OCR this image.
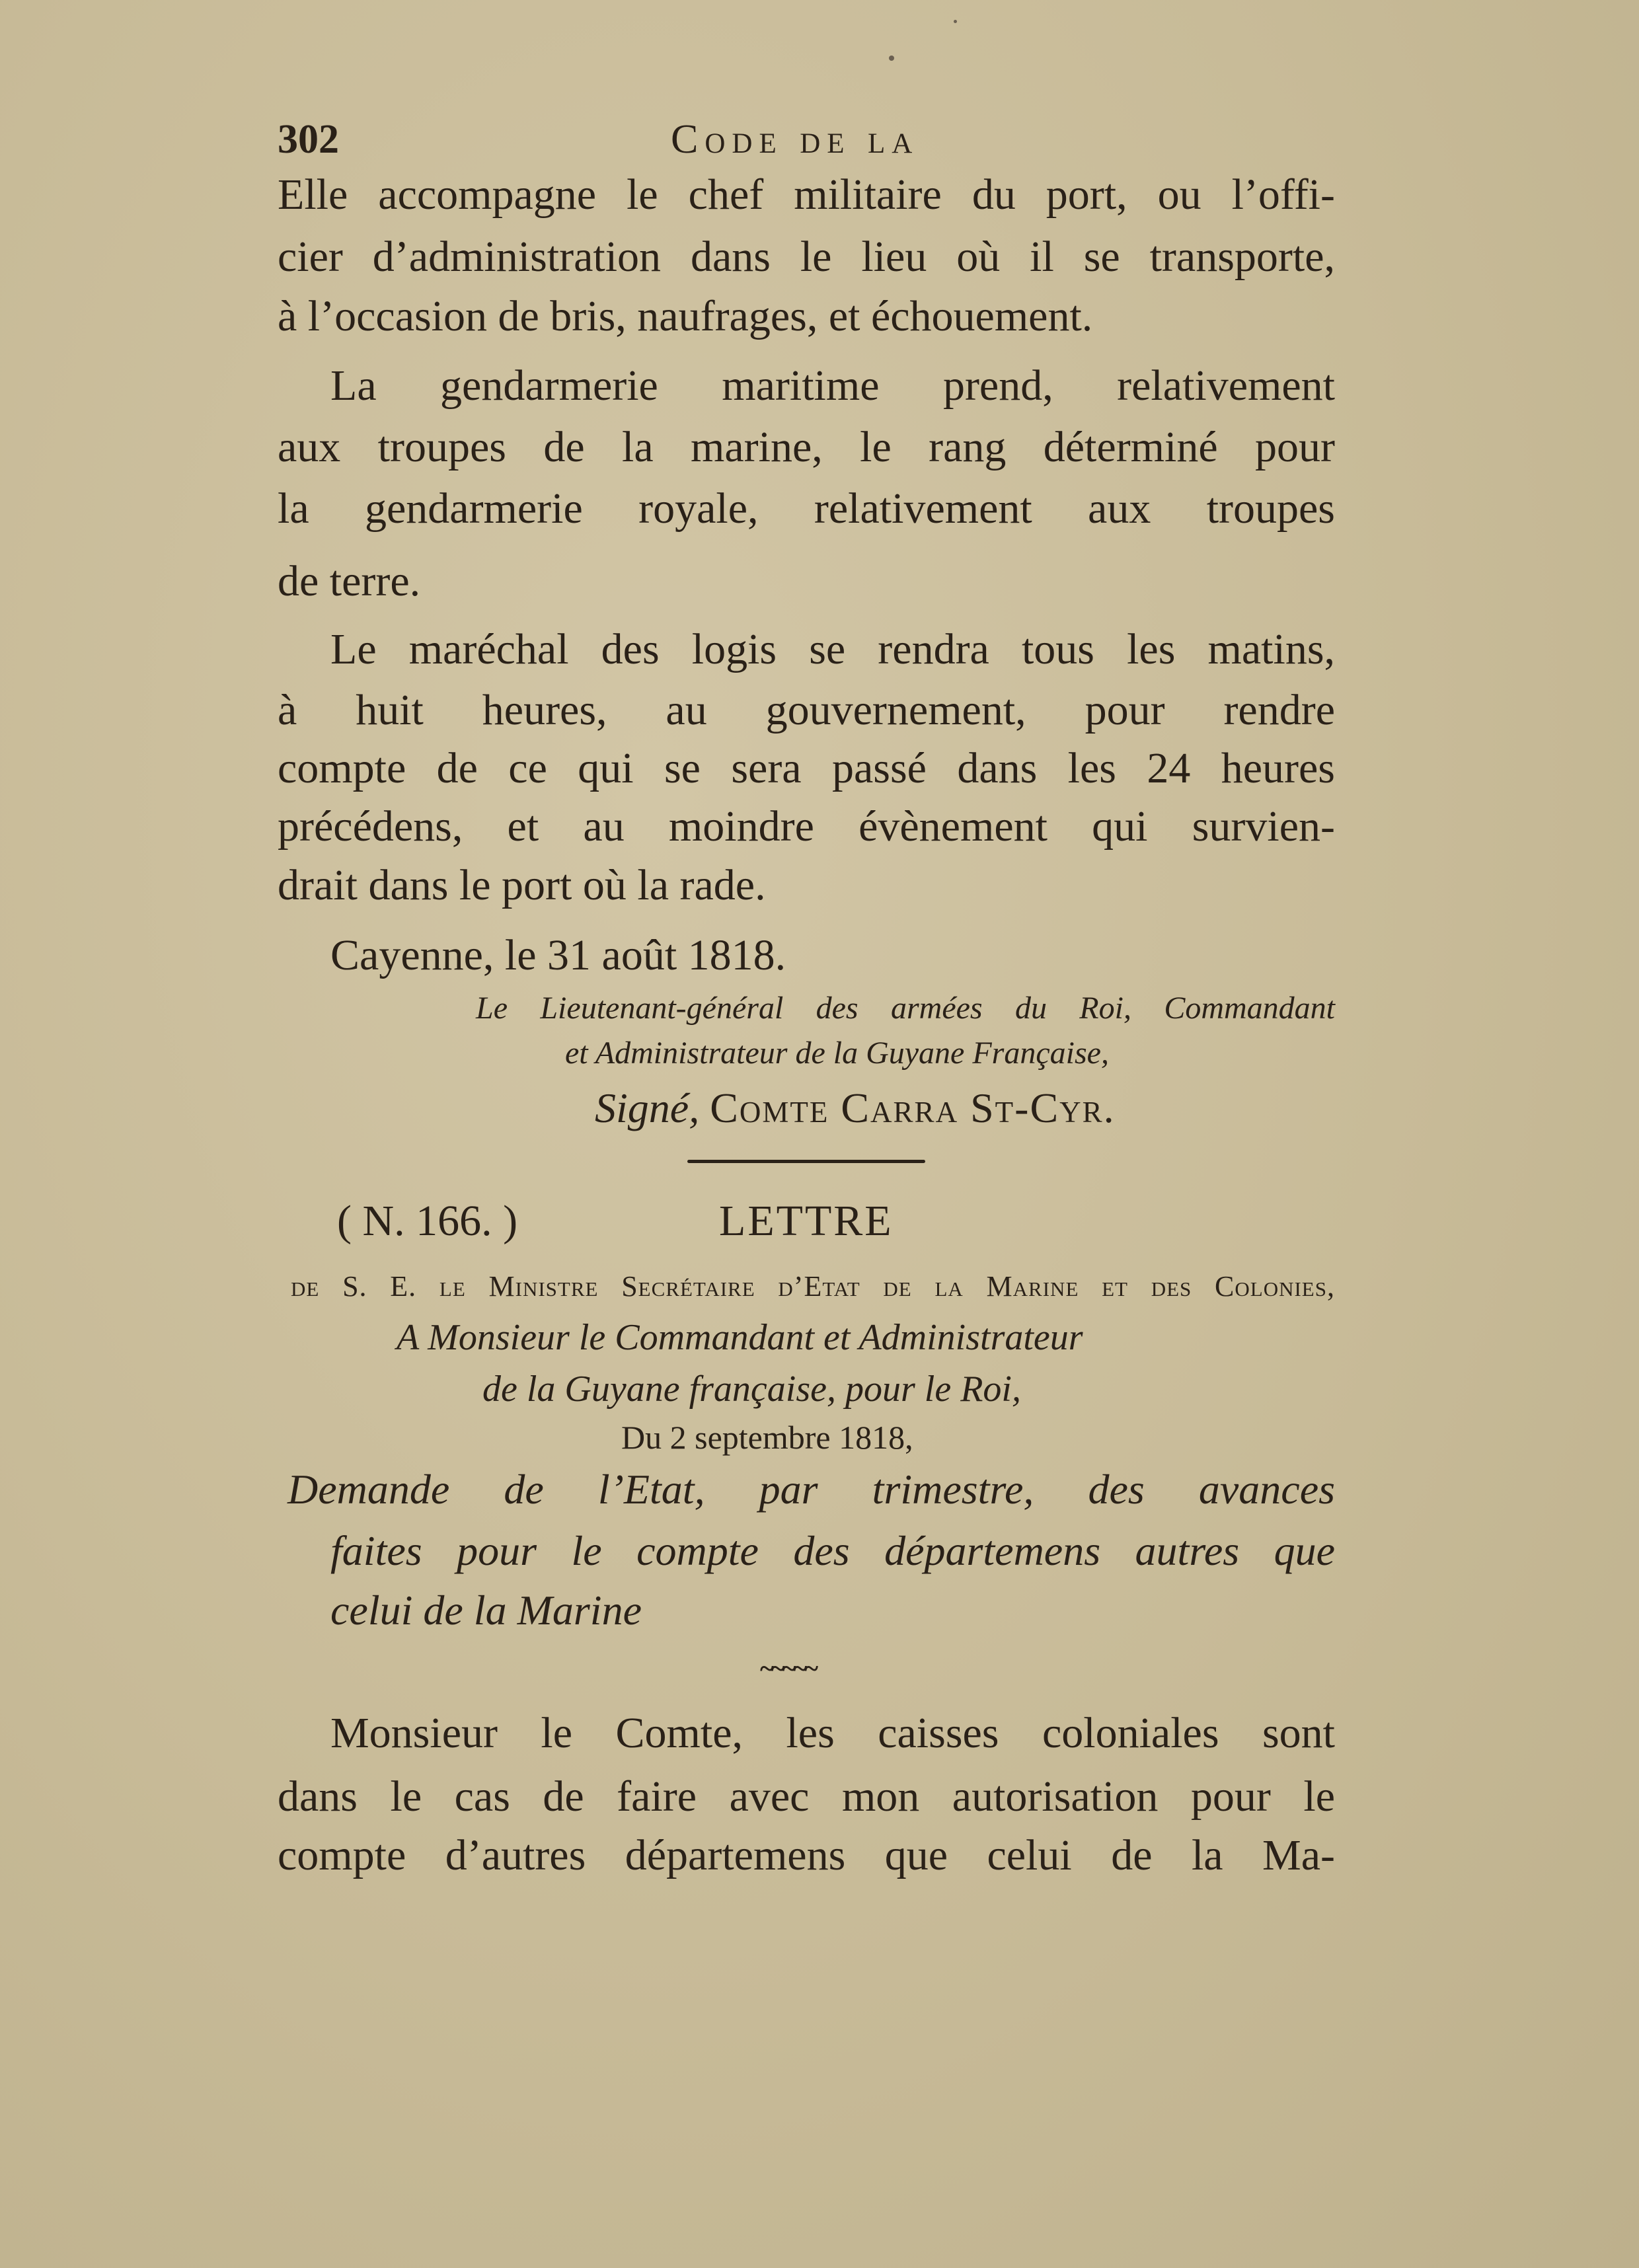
302	Code de la
Elle accompagne le chef militaire du port, ou l’offi-
cier d’administration dans le lieu où il se transporte,
à l’occasion de bris, naufrages, et échouement.
La gendarmerie maritime prend, relativement
aux troupes de la marine, le rang déterminé pour
la gendarmerie royale, relativement aux troupes
de terre.
Le maréchal des logis se rendra tous les matins,
à huit heures, au gouvernement, pour rendre
compte de ce qui se sera passé dans les 24 heures
précédens, et au moindre évènement qui survien-
drait dans le port où la rade.
Cayenne, le 31 août 1818.
Le Lieutenant-général des armées du Roi, Commandant
et Administrateur de la Guyane Française,
Signé, Comte Carra St-Cyr.
( N. 166. )	LETTRE
de S. E. le Ministre Secrétaire d’Etat de la Marine et des Colonies,
A Monsieur le Commandant et Administrateur
de la Guyane française, pour le Roi,
Du 2 septembre 1818,
Demande de l’Etat, par trimestre, des avances
faites pour le compte des départemens autres que
celui de la Marine
~~~~~
Monsieur le Comte, les caisses coloniales sont
dans le cas de faire avec mon autorisation pour le
compte d’autres départemens que celui de la Ma-
